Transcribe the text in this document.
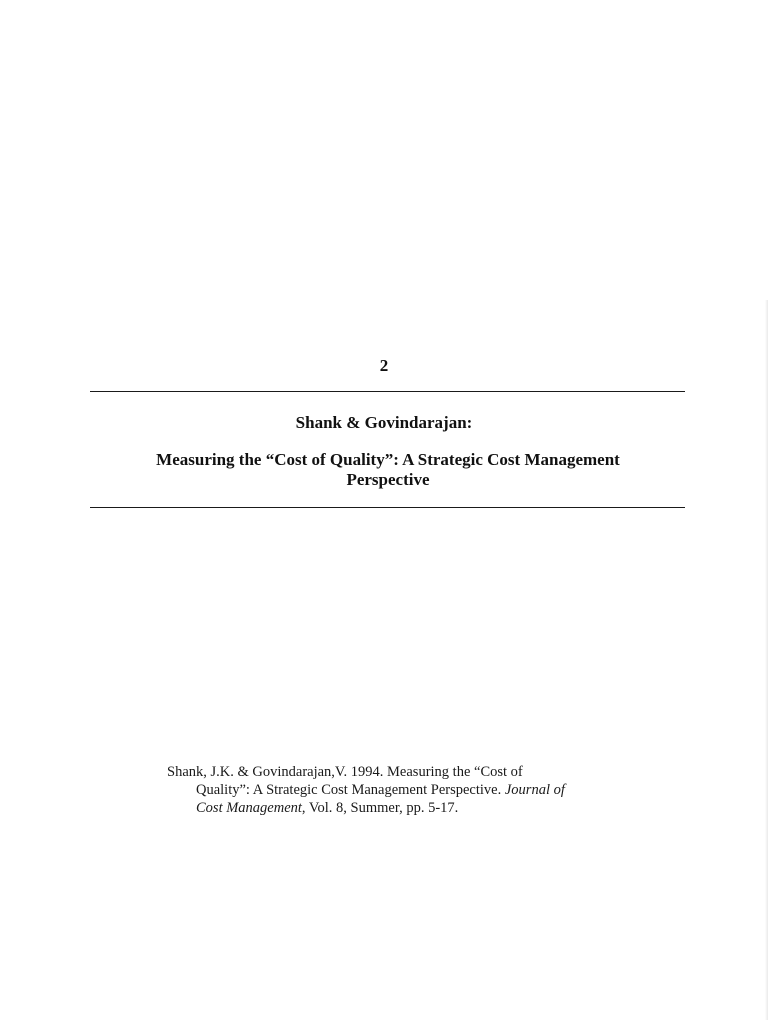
2
Shank & Govindarajan:
Measuring the “Cost of Quality”: A Strategic Cost Management
Perspective
Shank, J.K. & Govindarajan,V. 1994. Measuring the “Cost of
Quality”: A Strategic Cost Management Perspective. Journal of
Cost Management, Vol. 8, Summer, pp. 5-17.
